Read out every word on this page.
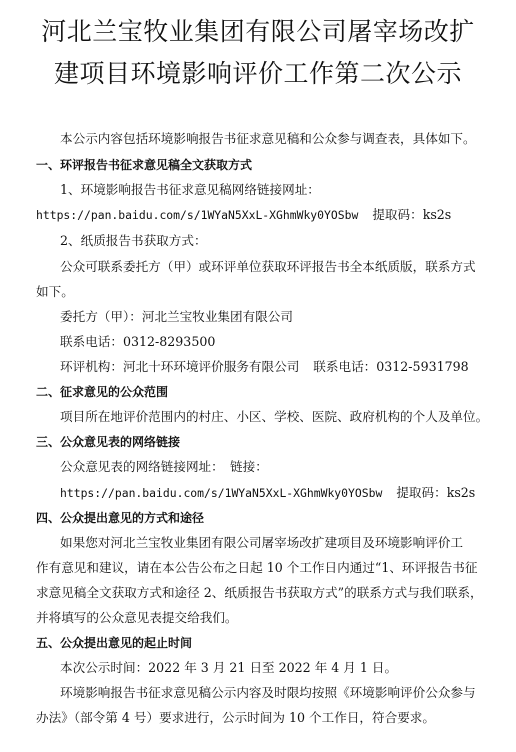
河北兰宝牧业集团有限公司屠宰场改扩
建项目环境影响评价工作第二次公示
本公示内容包括环境影响报告书征求意见稿和公众参与调查表，具体如下。
一、环评报告书征求意见稿全文获取方式
1、环境影响报告书征求意见稿网络链接网址：
https://pan.baidu.com/s/1WYaN5XxL-XGhmWky0YOSbw 提取码：ks2s
2、纸质报告书获取方式：
公众可联系委托方（甲）或环评单位获取环评报告书全本纸质版，联系方式
如下。
委托方（甲）：河北兰宝牧业集团有限公司
联系电话：0312-8293500
环评机构：河北十环环境评价服务有限公司 联系电话：0312-5931798
二、征求意见的公众范围
项目所在地评价范围内的村庄、小区、学校、医院、政府机构的个人及单位。
三、公众意见表的网络链接
公众意见表的网络链接网址：　链接：
https://pan.baidu.com/s/1WYaN5XxL-XGhmWky0YOSbw 提取码：ks2s
四、公众提出意见的方式和途径
如果您对河北兰宝牧业集团有限公司屠宰场改扩建项目及环境影响评价工
作有意见和建议，请在本公告公布之日起 10 个工作日内通过“1、环评报告书征
求意见稿全文获取方式和途径 2、纸质报告书获取方式”的联系方式与我们联系，
并将填写的公众意见表提交给我们。
五、公众提出意见的起止时间
本次公示时间：2022 年 3 月 21 日至 2022 年 4 月 1 日。
环境影响报告书征求意见稿公示内容及时限均按照《环境影响评价公众参与
办法》（部令第 4 号）要求进行，公示时间为 10 个工作日，符合要求。
